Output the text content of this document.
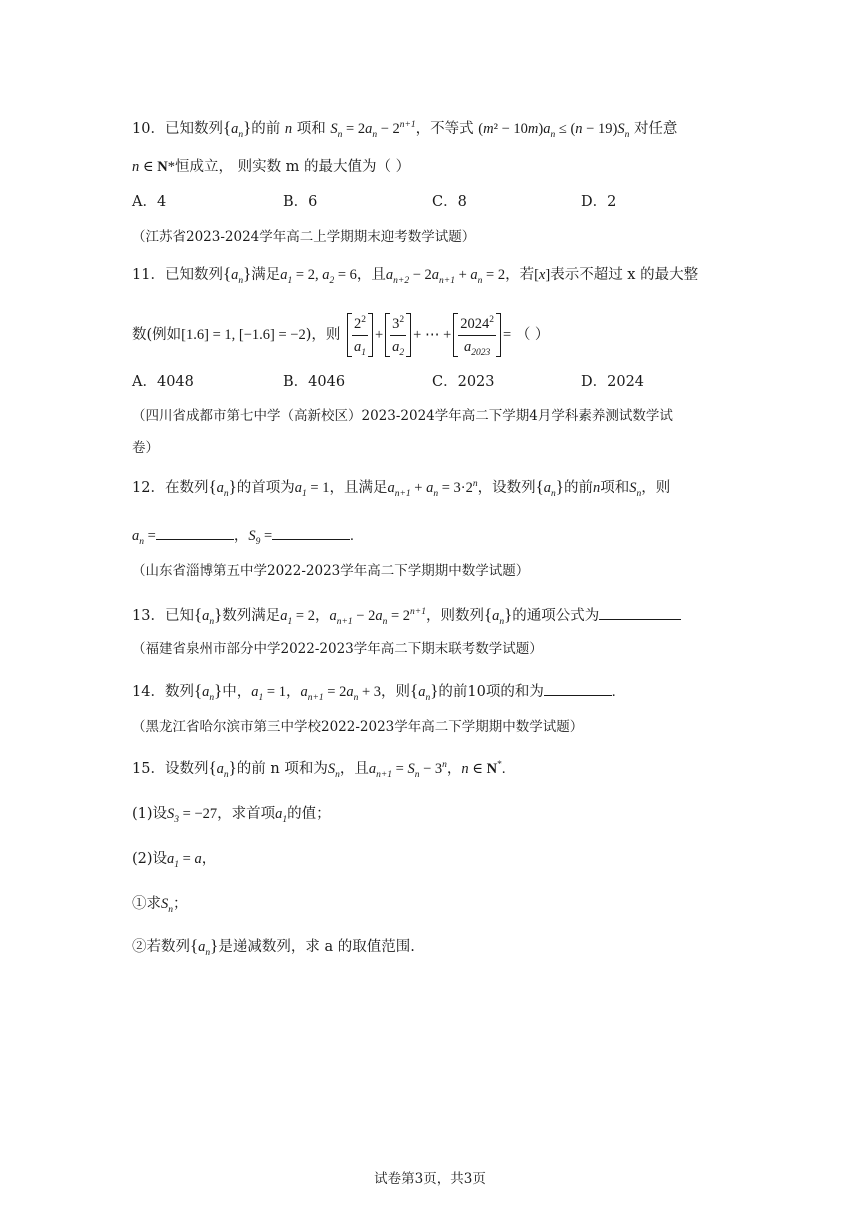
10．已知数列$\{a_n\}$的前 n 项和 $S_n = 2a_n - 2^{n+1}$，不等式 $(m^2 - 10m)a_n \le (n - 19)S_n$ 对任意
n ∈ N*恒成立， 则实数 m 的最大值为（ ）
A．4	B．6	C．8	D．2
（江苏省2023-2024学年高二上学期期末迎考数学试题）
11．已知数列$\{a_n\}$满足$a_1 = 2$, $a_2 = 6$，且$a_{n+2} - 2a_{n+1} + a_n = 2$，若[x]表示不超过 x 的最大整
数(例如[1.6] = 1, [−1.6] = −2)，则 $\frac{2^2}{a_1} + \frac{3^2}{a_2}$ + ⋯ + $\frac{2024^2}{a_{2023}}$ = （ ）
A．4048	B．4046	C．2023	D．2024
（四川省成都市第七中学（高新校区）2023-2024学年高二下学期4月学科素养测试数学试
卷）
12．在数列$\{a_n\}$的首项为$a_1 = 1$，且满足$a_{n+1} + a_n = 3\cdot 2^n$，设数列$\{a_n\}$的前n项和$S_n$，则
$a_n$ =	，$S_9$ =	.
（山东省淄博第五中学2022-2023学年高二下学期期中数学试题）
13．已知$\{a_n\}$数列满足$a_1 = 2$，$a_{n+1} - 2a_n = 2^{n+1}$，则数列$\{a_n\}$的通项公式为
（福建省泉州市部分中学2022-2023学年高二下期末联考数学试题）
14．数列$\{a_n\}$中，$a_1 = 1$，$a_{n+1} = 2a_n + 3$，则$\{a_n\}$的前10项的和为	.
（黑龙江省哈尔滨市第三中学校2022-2023学年高二下学期期中数学试题）
15．设数列$\{a_n\}$的前 n 项和为$S_n$，且$a_{n+1} = S_n - 3^n$，n ∈ N*.
(1)设$S_3 = -27$，求首项$a_1$的值；
(2)设$a_1 = a$，
①求$S_n$；
②若数列$\{a_n\}$是递减数列，求 a 的取值范围.
试卷第3页，共3页
